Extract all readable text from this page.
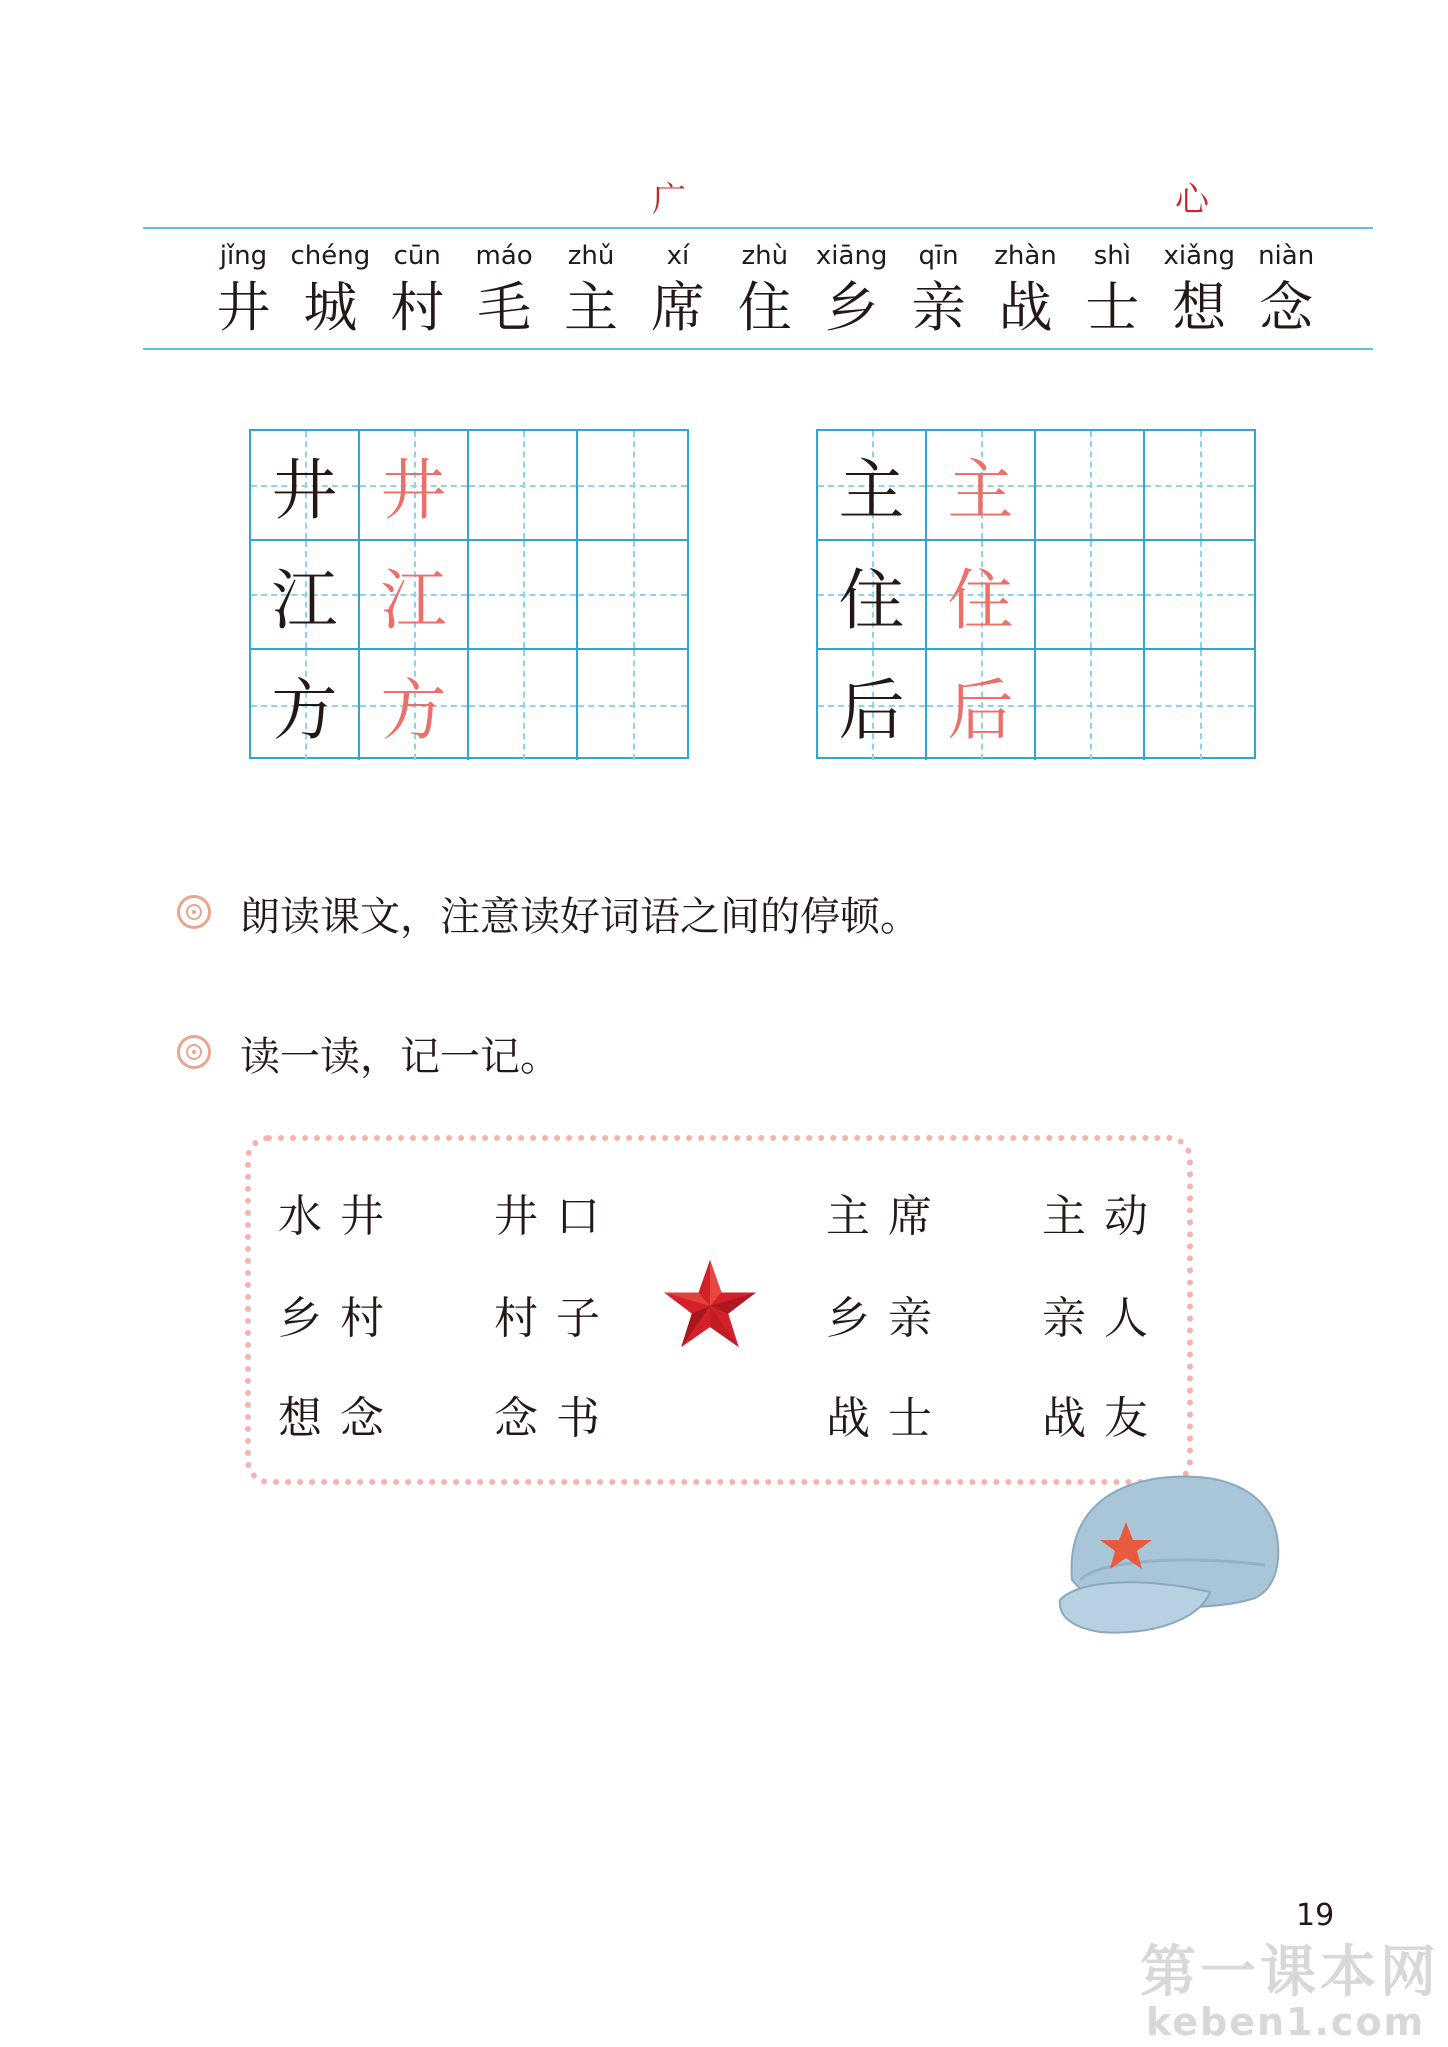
广	心
jǐng
井
chéng
城
cūn
村
máo
毛
zhǔ
主
xí
席
zhù
住
xiāng
乡
qīn
亲
zhàn
战
shì
士
xiǎng
想
niàn
念
井 井
江 江
方 方
主 主
住 住
后 后
朗读课文，注意读好词语之间的停顿。
读一读，记一记。
水井 井口
乡村 村子
想念 念书
主席 主动
乡亲 亲人
战士 战友
19
第一课本网
keben1.com
